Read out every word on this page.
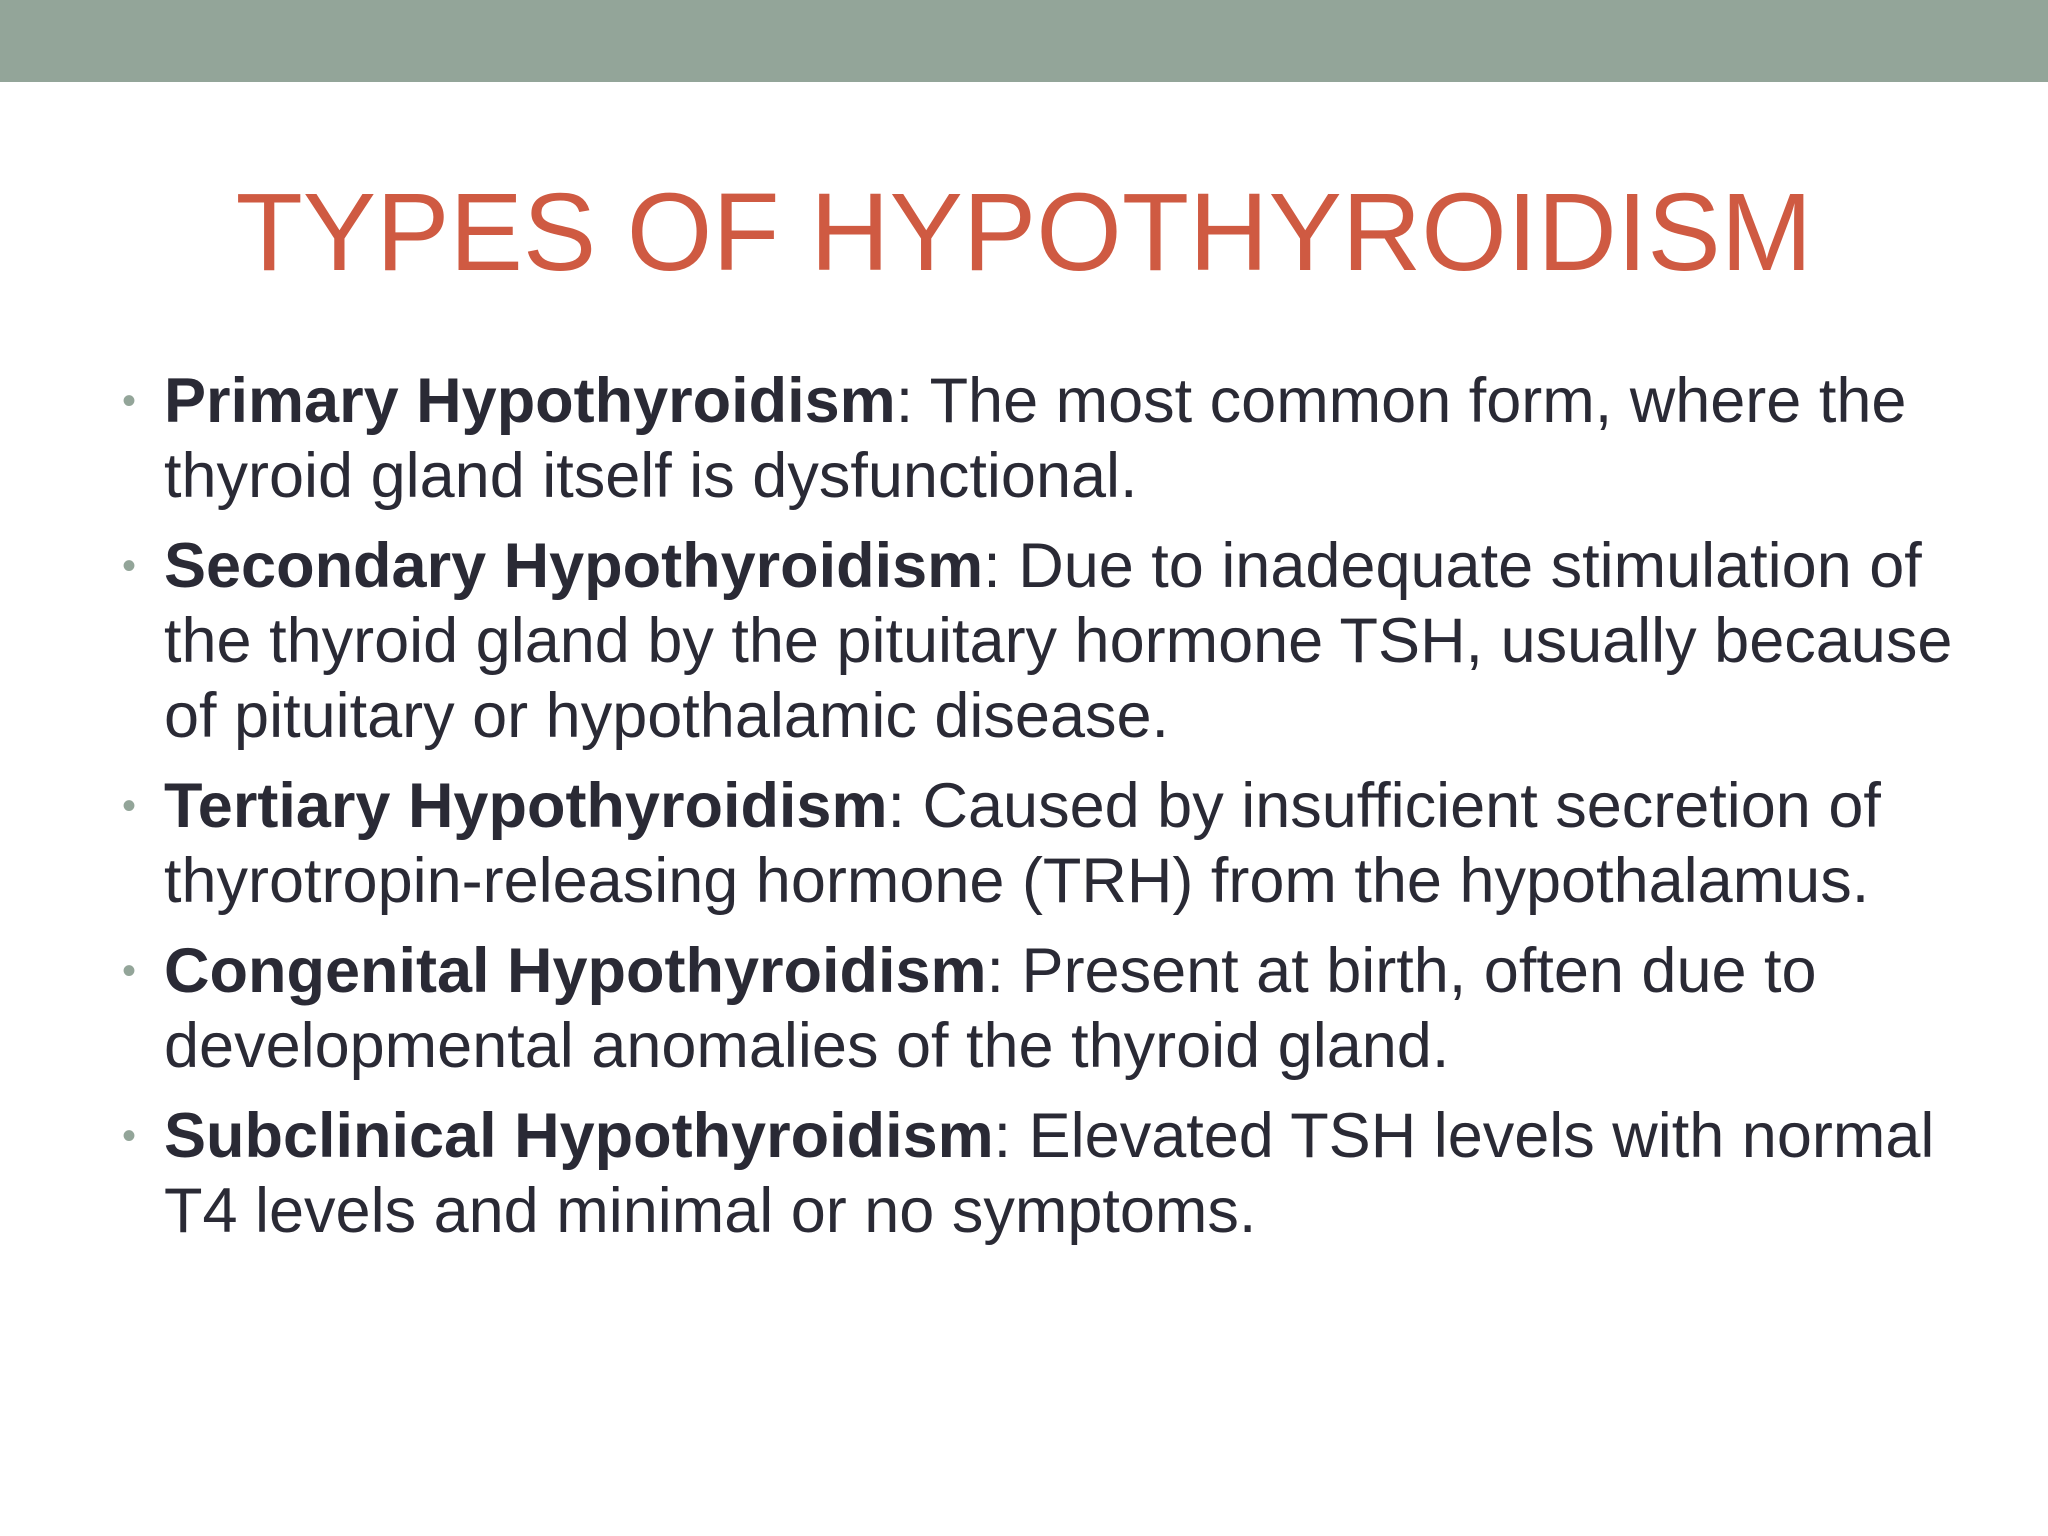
TYPES OF HYPOTHYROIDISM
• Primary Hypothyroidism: The most common form, where the thyroid gland itself is dysfunctional.
• Secondary Hypothyroidism: Due to inadequate stimulation of the thyroid gland by the pituitary hormone TSH, usually because of pituitary or hypothalamic disease.
• Tertiary Hypothyroidism: Caused by insufficient secretion of thyrotropin-releasing hormone (TRH) from the hypothalamus.
• Congenital Hypothyroidism: Present at birth, often due to developmental anomalies of the thyroid gland.
• Subclinical Hypothyroidism: Elevated TSH levels with normal T4 levels and minimal or no symptoms.
